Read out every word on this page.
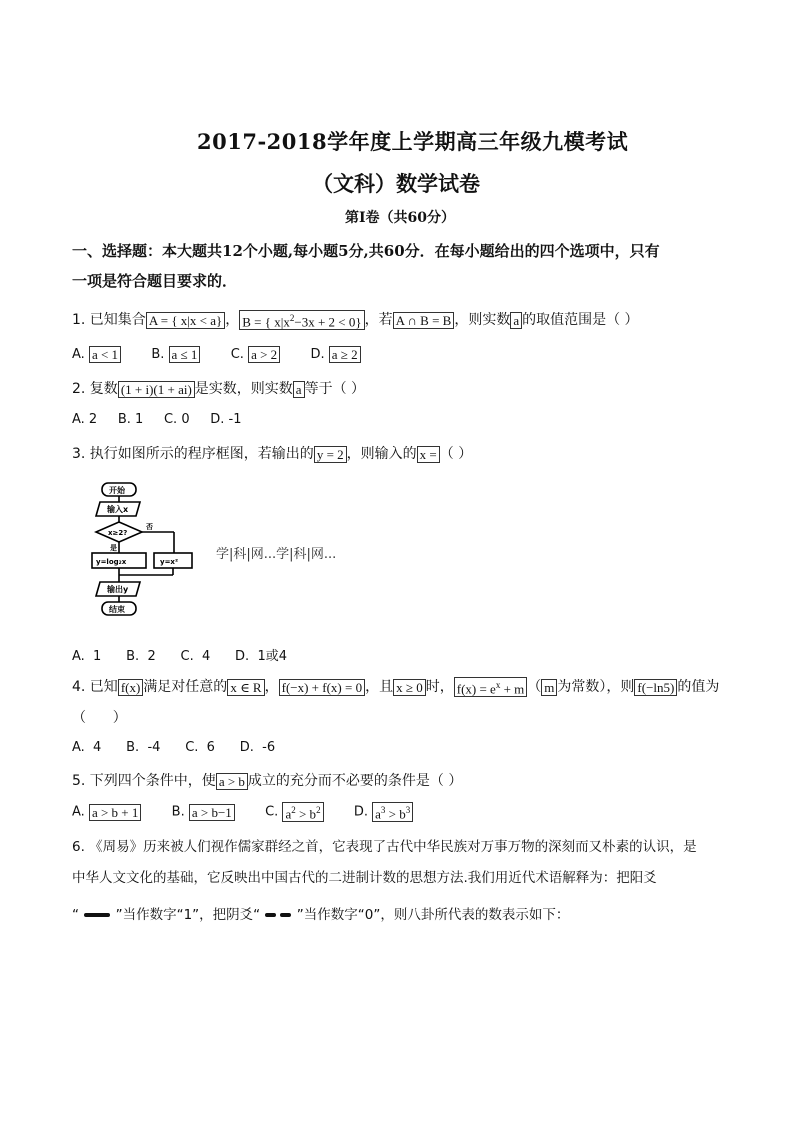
2017-2018学年度上学期高三年级九模考试
（文科）数学试卷
第Ⅰ卷（共60分）
一、选择题：本大题共12个小题,每小题5分,共60分．在每小题给出的四个选项中，只有
一项是符合题目要求的．
1. 已知集合 A = { x|x < a} ， B = { $x|x^2-3x + 2 < 0$} ，若 A ∩ B = B ，则实数 a 的取值范围是（ ）
A. a < 1	B. a ≤ 1	C. a > 2	D. a ≥ 2
2. 复数 (1 + i)(1 + ai) 是实数，则实数 a 等于（ ）
A. 2     B. 1     C. 0     D. -1
3. 执行如图所示的程序框图，若输出的 y = 2 ，则输入的 x = （ ）
开始
输入x
x≥2?
否
是
y=log₂x	y=x²
输出y
结束
学|科|网...学|科|网...
A.  1      B.  2      C.  4      D.  1或4
4. 已知 f(x) 满足对任意的 x ∈ R ， f(−x) + f(x) = 0 ，且 x ≥ 0 时， $f(x) = e^x + m$ （ m 为常数），则 f(−ln5) 的值为
（      ）
A.  4      B.  -4      C.  6      D.  -6
5. 下列四个条件中，使 a > b 成立的充分而不必要的条件是（ ）
A. a > b + 1	B. a > b−1	C. $a^2 > b^2$	D. $a^3 > b^3$
6. 《周易》历来被人们视作儒家群经之首，它表现了古代中华民族对万事万物的深刻而又朴素的认识，是
中华人文文化的基础，它反映出中国古代的二进制计数的思想方法.我们用近代术语解释为：把阳爻
“	”当作数字“1”，把阴爻“	”当作数字“0”，则八卦所代表的数表示如下：
